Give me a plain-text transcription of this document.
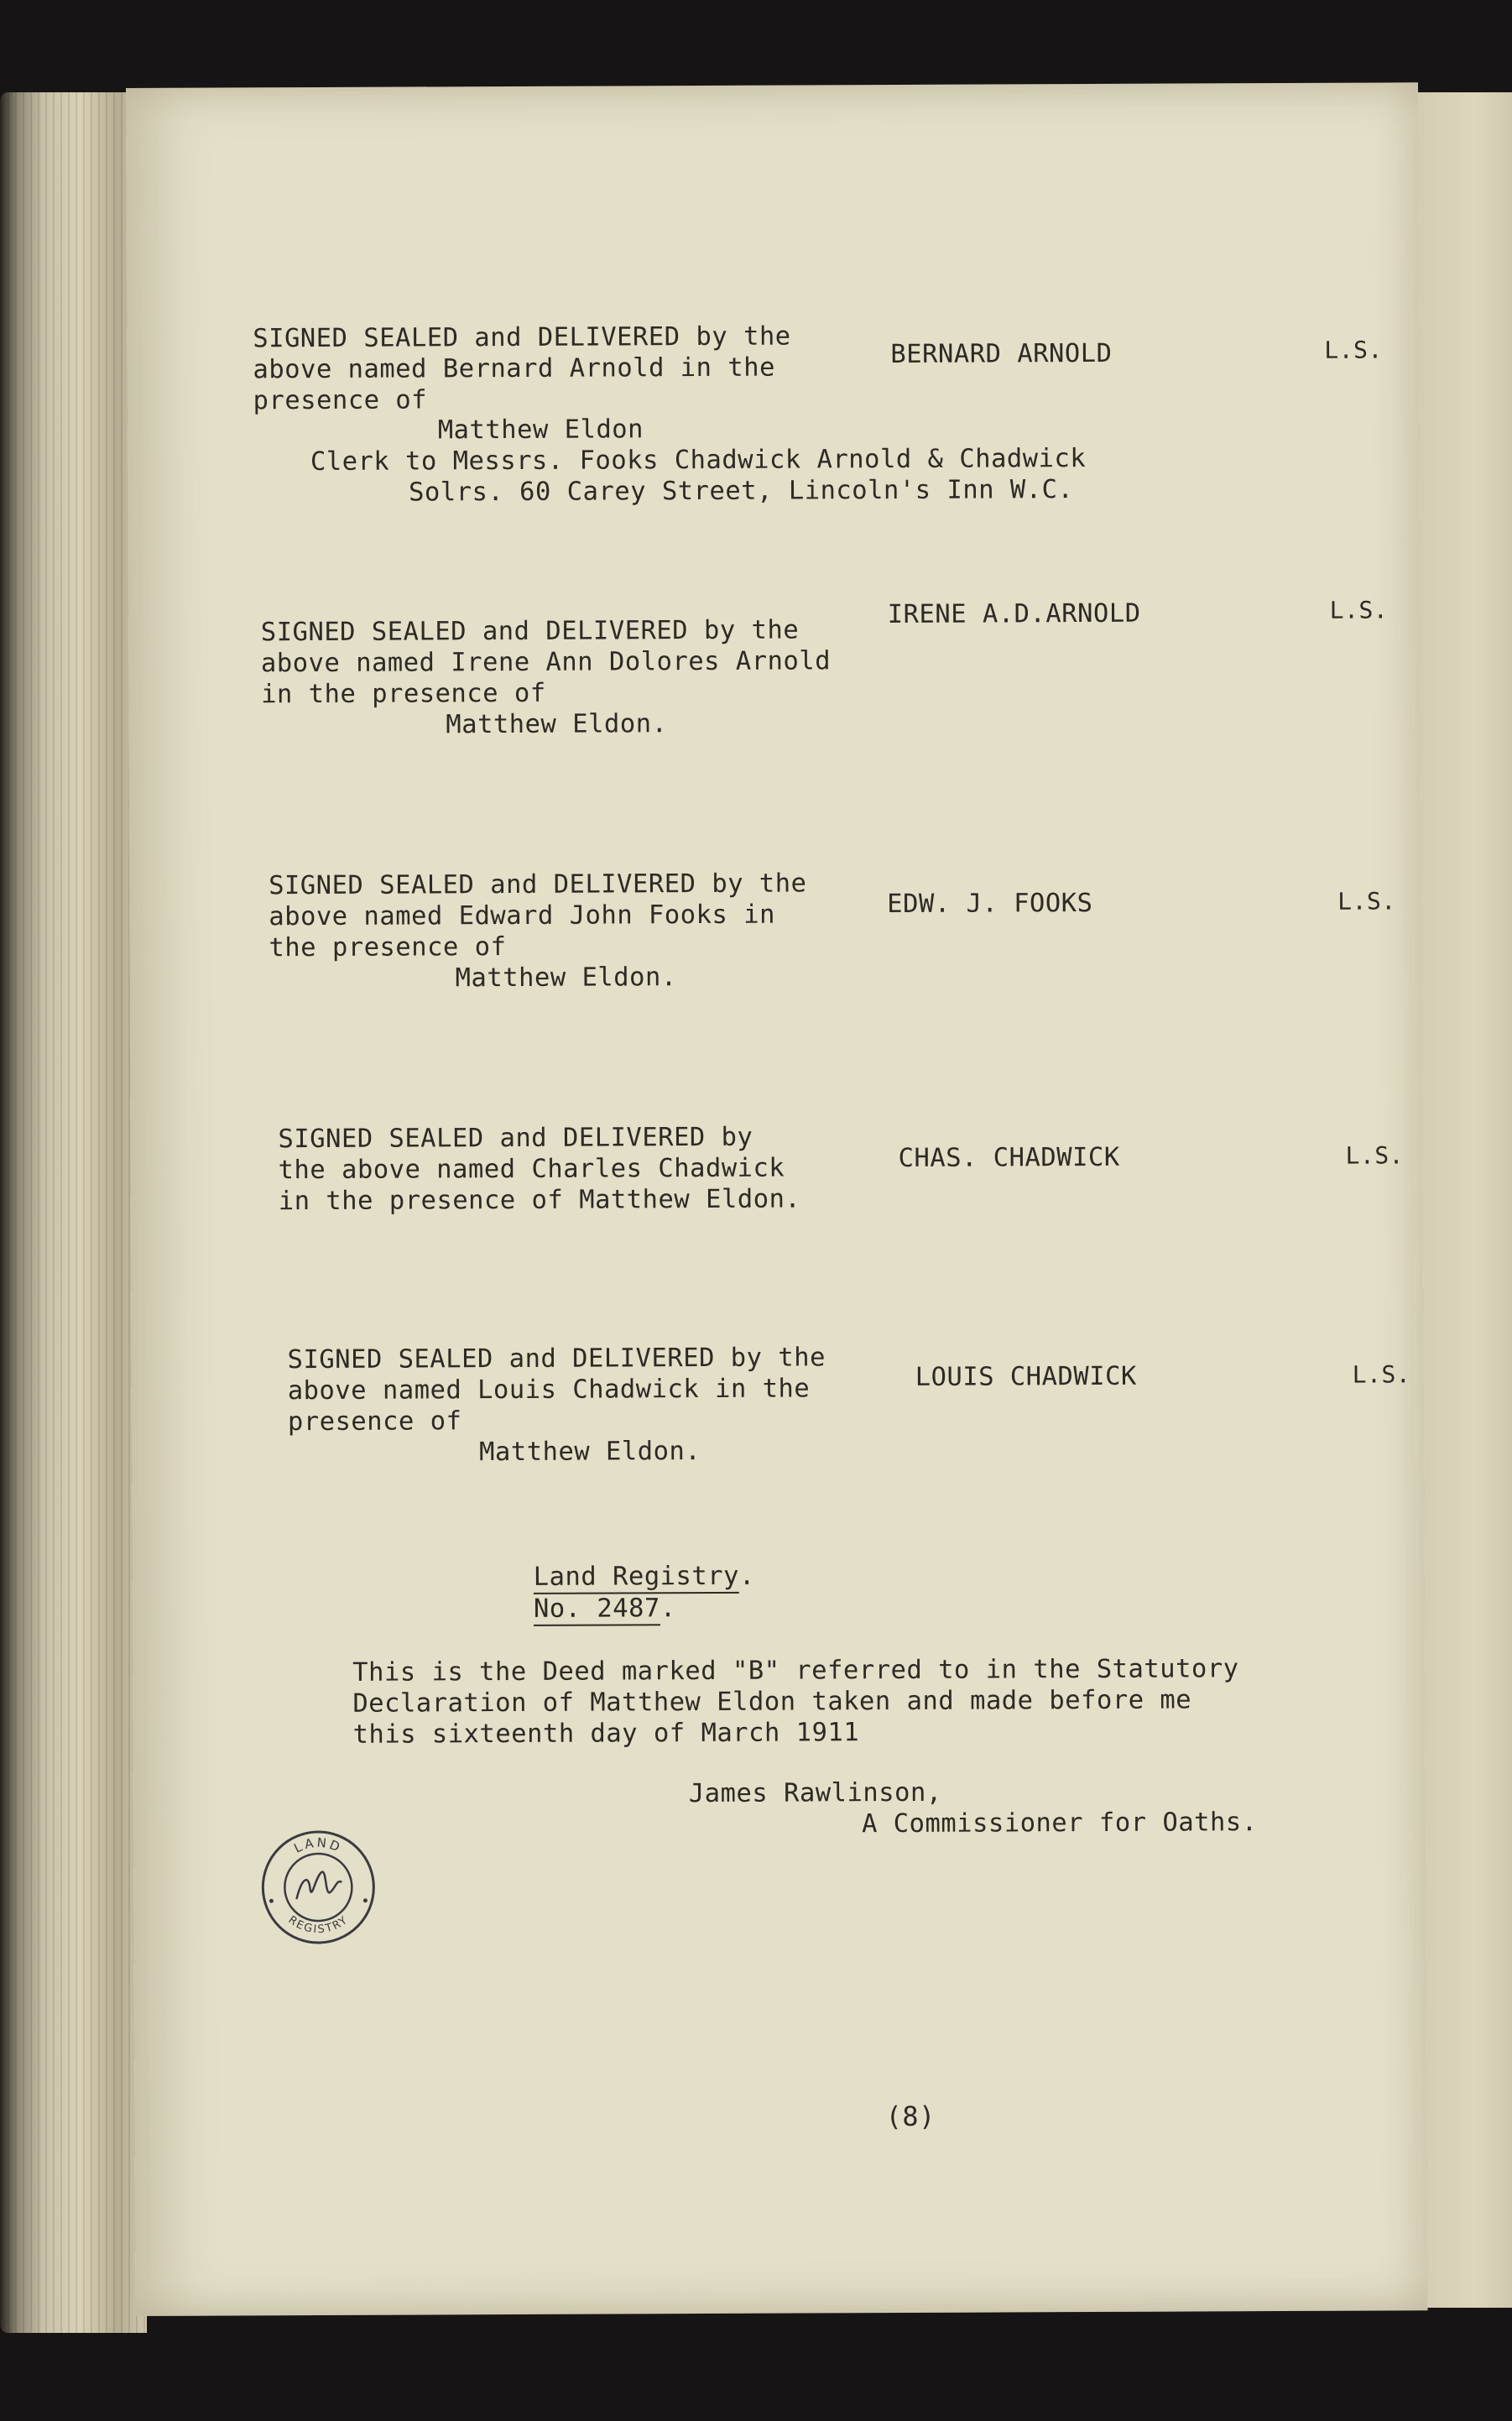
SIGNED SEALED and DELIVERED by the

above named Bernard Arnold in the

presence of

Matthew Eldon

Clerk to Messrs. Fooks Chadwick Arnold & Chadwick

Solrs. 60 Carey Street, Lincoln's Inn W.C.

BERNARD ARNOLD	L.S.

SIGNED SEALED and DELIVERED by the

above named Irene Ann Dolores Arnold

in the presence of

Matthew Eldon.

IRENE A.D.ARNOLD	L.S.

SIGNED SEALED and DELIVERED by the

above named Edward John Fooks in

the presence of

Matthew Eldon.

EDW. J. FOOKS	L.S.

SIGNED SEALED and DELIVERED by

the above named Charles Chadwick

in the presence of Matthew Eldon.

CHAS. CHADWICK	L.S.

SIGNED SEALED and DELIVERED by the

above named Louis Chadwick in the

presence of

Matthew Eldon.

LOUIS CHADWICK	L.S.

Land Registry.

No. 2487.

This is the Deed marked "B" referred to in the Statutory

Declaration of Matthew Eldon taken and made before me

this sixteenth day of March 1911

James Rawlinson,

A Commissioner for Oaths.

LAND
REGISTRY

(8)
